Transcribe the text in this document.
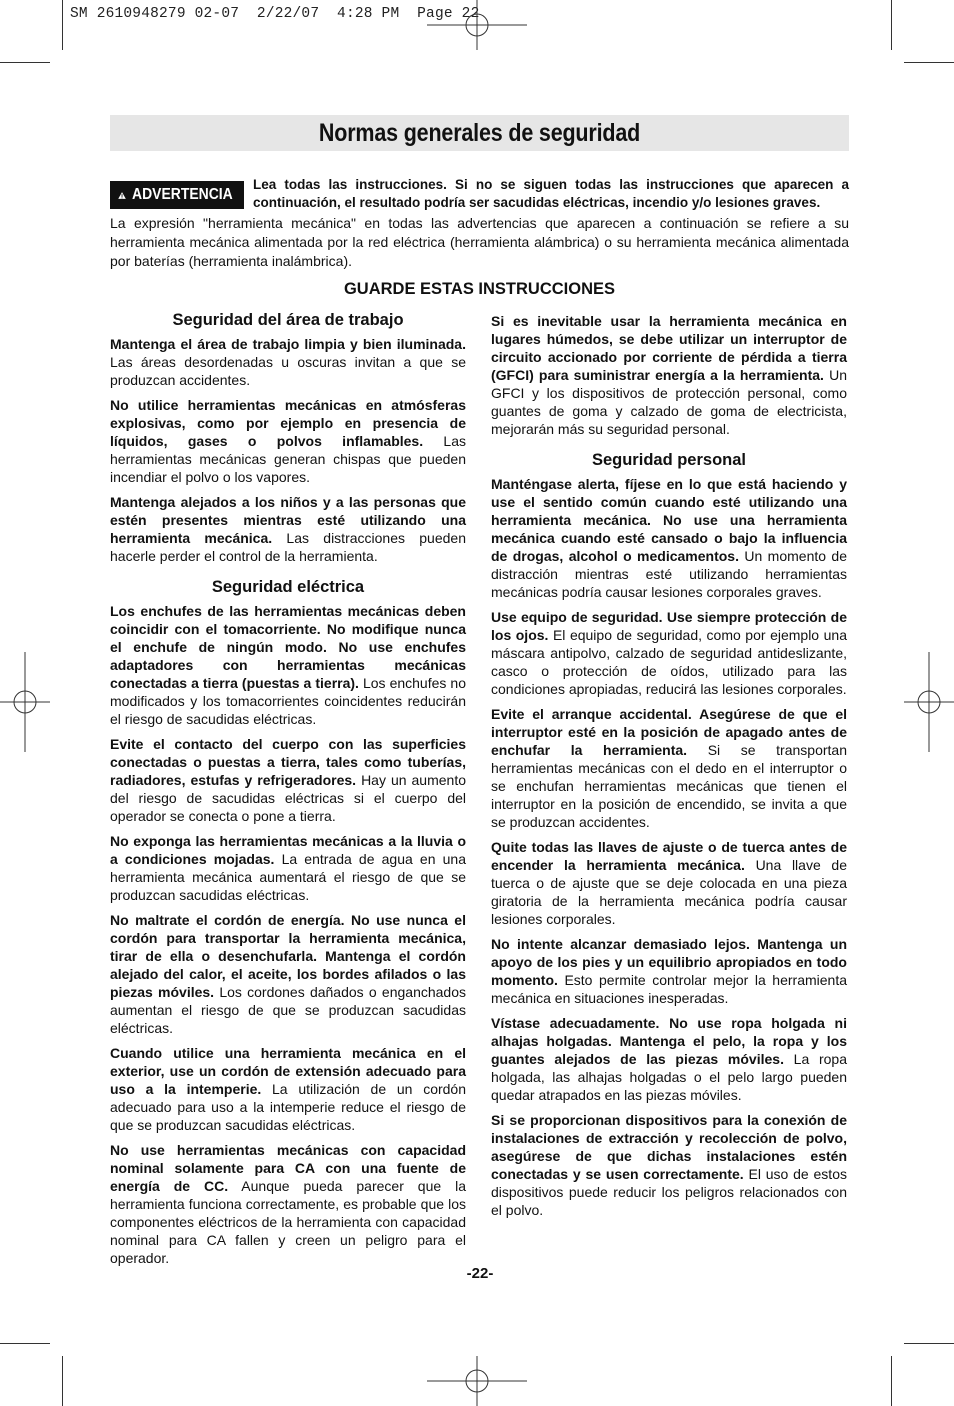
SM 2610948279 02-07  2/22/07  4:28 PM  Page 22
Normas generales de seguridad
ADVERTENCIA
Lea todas las instrucciones. Si no se siguen todas las instrucciones que aparecen a continuación, el resultado podría ser sacudidas eléctricas, incendio y/o lesiones graves.
La expresión "herramienta mecánica" en todas las advertencias que aparecen a continuación se refiere a su herramienta mecánica alimentada por la red eléctrica (herramienta alámbrica) o su herramienta mecánica alimentada por baterías (herramienta inalámbrica).
GUARDE ESTAS INSTRUCCIONES
Seguridad del área de trabajo

Mantenga el área de trabajo limpia y bien iluminada. Las áreas desordenadas u oscuras invitan a que se produzcan accidentes.

No utilice herramientas mecánicas en atmósferas explosivas, como por ejemplo en presencia de líquidos, gases o polvos inflamables. Las herramientas mecánicas generan chispas que pueden incendiar el polvo o los vapores.

Mantenga alejados a los niños y a las personas que estén presentes mientras esté utilizando una herramienta mecánica. Las distracciones pueden hacerle perder el control de la herramienta.

Seguridad eléctrica

Los enchufes de las herramientas mecánicas deben coincidir con el tomacorriente. No modifique nunca el enchufe de ningún modo. No use enchufes adaptadores con herramientas mecánicas conectadas a tierra (puestas a tierra). Los enchufes no modificados y los tomacorrientes coincidentes reducirán el riesgo de sacudidas eléctricas.

Evite el contacto del cuerpo con las superficies conectadas o puestas a tierra, tales como tuberías, radiadores, estufas y refrigeradores. Hay un aumento del riesgo de sacudidas eléctricas si el cuerpo del operador se conecta o pone a tierra.

No exponga las herramientas mecánicas a la lluvia o a condiciones mojadas. La entrada de agua en una herramienta mecánica aumentará el riesgo de que se produzcan sacudidas eléctricas.

No maltrate el cordón de energía. No use nunca el cordón para transportar la herramienta mecánica, tirar de ella o desenchufarla. Mantenga el cordón alejado del calor, el aceite, los bordes afilados o las piezas móviles. Los cordones dañados o enganchados aumentan el riesgo de que se produzcan sacudidas eléctricas.

Cuando utilice una herramienta mecánica en el exterior, use un cordón de extensión adecuado para uso a la intemperie. La utilización de un cordón adecuado para uso a la intemperie reduce el riesgo de que se produzcan sacudidas eléctricas.

No use herramientas mecánicas con capacidad nominal solamente para CA con una fuente de energía de CC. Aunque pueda parecer que la herramienta funciona correctamente, es probable que los componentes eléctricos de la herramienta con capacidad nominal para CA fallen y creen un peligro para el operador.

Si es inevitable usar la herramienta mecánica en lugares húmedos, se debe utilizar un interruptor de circuito accionado por corriente de pérdida a tierra (GFCI) para suministrar energía a la herramienta. Un GFCI y los dispositivos de protección personal, como guantes de goma y calzado de goma de electricista, mejorarán más su seguridad personal.

Seguridad personal

Manténgase alerta, fíjese en lo que está haciendo y use el sentido común cuando esté utilizando una herramienta mecánica. No use una herramienta mecánica cuando esté cansado o bajo la influencia de drogas, alcohol o medicamentos. Un momento de distracción mientras esté utilizando herramientas mecánicas podría causar lesiones corporales graves.

Use equipo de seguridad. Use siempre protección de los ojos. El equipo de seguridad, como por ejemplo una máscara antipolvo, calzado de seguridad antideslizante, casco o protección de oídos, utilizado para las condiciones apropiadas, reducirá las lesiones corporales.

Evite el arranque accidental. Asegúrese de que el interruptor esté en la posición de apagado antes de enchufar la herramienta. Si se transportan herramientas mecánicas con el dedo en el interruptor o se enchufan herramientas mecánicas que tienen el interruptor en la posición de encendido, se invita a que se produzcan accidentes.

Quite todas las llaves de ajuste o de tuerca antes de encender la herramienta mecánica. Una llave de tuerca o de ajuste que se deje colocada en una pieza giratoria de la herramienta mecánica podría causar lesiones corporales.

No intente alcanzar demasiado lejos. Mantenga un apoyo de los pies y un equilibrio apropiados en todo momento. Esto permite controlar mejor la herramienta mecánica en situaciones inesperadas.

Vístase adecuadamente. No use ropa holgada ni alhajas holgadas. Mantenga el pelo, la ropa y los guantes alejados de las piezas móviles. La ropa holgada, las alhajas holgadas o el pelo largo pueden quedar atrapados en las piezas móviles.

Si se proporcionan dispositivos para la conexión de instalaciones de extracción y recolección de polvo, asegúrese de que dichas instalaciones estén conectadas y se usen correctamente. El uso de estos dispositivos puede reducir los peligros relacionados con el polvo.

-22-
